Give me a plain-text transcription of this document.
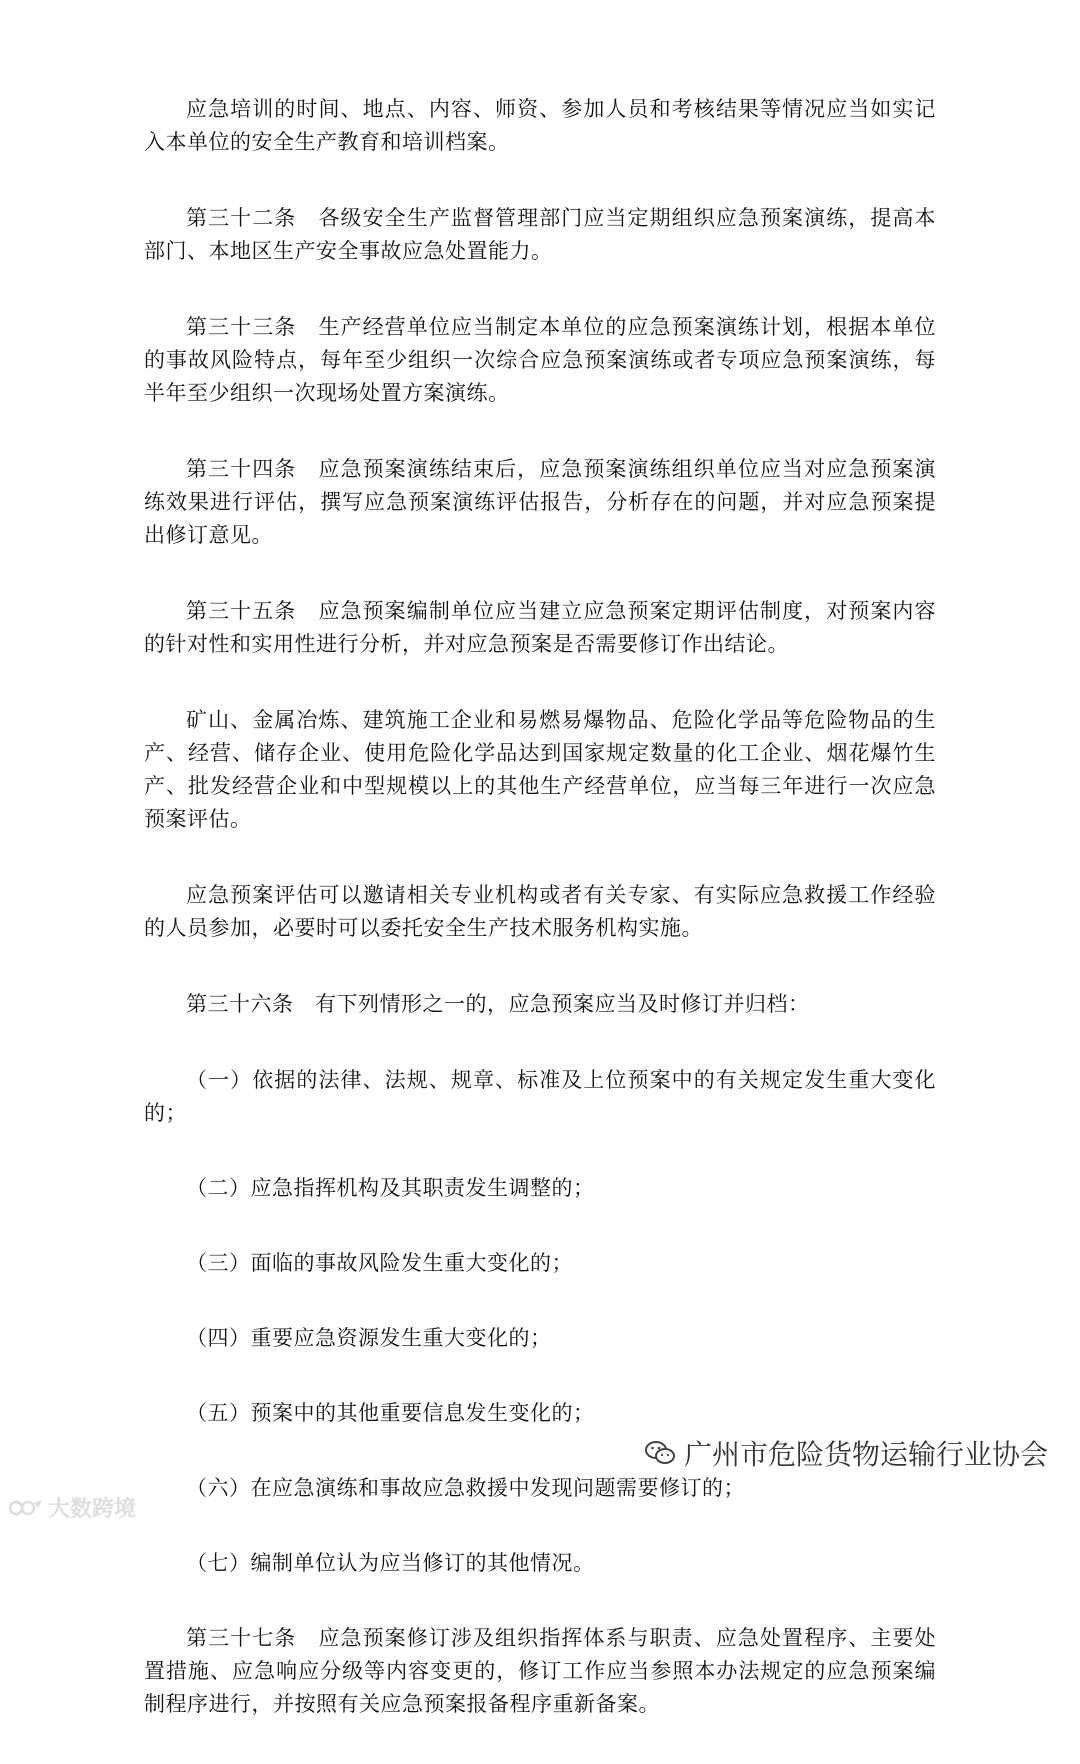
应急培训的时间、地点、内容、师资、参加人员和考核结果等情况应当如实记入本单位的安全生产教育和培训档案。

第三十二条　各级安全生产监督管理部门应当定期组织应急预案演练，提高本部门、本地区生产安全事故应急处置能力。

第三十三条　生产经营单位应当制定本单位的应急预案演练计划，根据本单位的事故风险特点，每年至少组织一次综合应急预案演练或者专项应急预案演练，每半年至少组织一次现场处置方案演练。

第三十四条　应急预案演练结束后，应急预案演练组织单位应当对应急预案演练效果进行评估，撰写应急预案演练评估报告，分析存在的问题，并对应急预案提出修订意见。

第三十五条　应急预案编制单位应当建立应急预案定期评估制度，对预案内容的针对性和实用性进行分析，并对应急预案是否需要修订作出结论。

矿山、金属冶炼、建筑施工企业和易燃易爆物品、危险化学品等危险物品的生产、经营、储存企业、使用危险化学品达到国家规定数量的化工企业、烟花爆竹生产、批发经营企业和中型规模以上的其他生产经营单位，应当每三年进行一次应急预案评估。

应急预案评估可以邀请相关专业机构或者有关专家、有实际应急救援工作经验的人员参加，必要时可以委托安全生产技术服务机构实施。

第三十六条　有下列情形之一的，应急预案应当及时修订并归档：

（一）依据的法律、法规、规章、标准及上位预案中的有关规定发生重大变化的；

（二）应急指挥机构及其职责发生调整的；

（三）面临的事故风险发生重大变化的；

（四）重要应急资源发生重大变化的；

（五）预案中的其他重要信息发生变化的；

（六）在应急演练和事故应急救援中发现问题需要修订的；

（七）编制单位认为应当修订的其他情况。

第三十七条　应急预案修订涉及组织指挥体系与职责、应急处置程序、主要处置措施、应急响应分级等内容变更的，修订工作应当参照本办法规定的应急预案编制程序进行，并按照有关应急预案报备程序重新备案。

广州市危险货物运输行业协会
大数跨境
